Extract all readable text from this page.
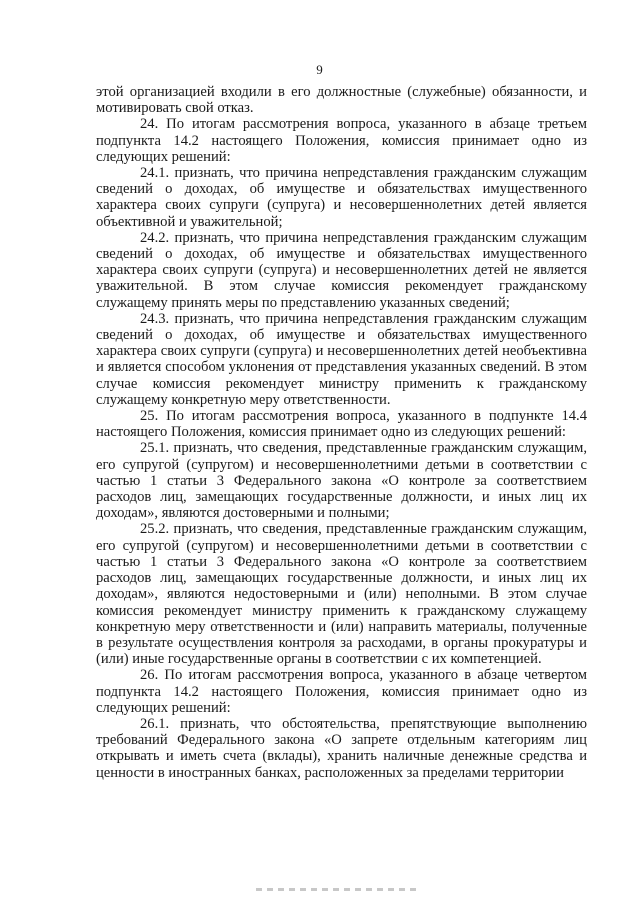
9

этой организацией входили в его должностные (служебные) обязанности, и мотивировать свой отказ.

24. По итогам рассмотрения вопроса, указанного в абзаце третьем подпункта 14.2 настоящего Положения, комиссия принимает одно из следующих решений:

24.1. признать, что причина непредставления гражданским служащим сведений о доходах, об имуществе и обязательствах имущественного характера своих супруги (супруга) и несовершеннолетних детей является объективной и уважительной;

24.2. признать, что причина непредставления гражданским служащим сведений о доходах, об имуществе и обязательствах имущественного характера своих супруги (супруга) и несовершеннолетних детей не является уважительной. В этом случае комиссия рекомендует гражданскому служащему принять меры по представлению указанных сведений;

24.3. признать, что причина непредставления гражданским служащим сведений о доходах, об имуществе и обязательствах имущественного характера своих супруги (супруга) и несовершеннолетних детей необъективна и является способом уклонения от представления указанных сведений. В этом случае комиссия рекомендует министру применить к гражданскому служащему конкретную меру ответственности.

25. По итогам рассмотрения вопроса, указанного в подпункте 14.4 настоящего Положения, комиссия принимает одно из следующих решений:

25.1. признать, что сведения, представленные гражданским служащим, его супругой (супругом) и несовершеннолетними детьми в соответствии с частью 1 статьи 3 Федерального закона «О контроле за соответствием расходов лиц, замещающих государственные должности, и иных лиц их доходам», являются достоверными и полными;

25.2. признать, что сведения, представленные гражданским служащим, его супругой (супругом) и несовершеннолетними детьми в соответствии с частью 1 статьи 3 Федерального закона «О контроле за соответствием расходов лиц, замещающих государственные должности, и иных лиц их доходам», являются недостоверными и (или) неполными. В этом случае комиссия рекомендует министру применить к гражданскому служащему конкретную меру ответственности и (или) направить материалы, полученные в результате осуществления контроля за расходами, в органы прокуратуры и (или) иные государственные органы в соответствии с их компетенцией.

26. По итогам рассмотрения вопроса, указанного в абзаце четвертом подпункта 14.2 настоящего Положения, комиссия принимает одно из следующих решений:

26.1. признать, что обстоятельства, препятствующие выполнению требований Федерального закона «О запрете отдельным категориям лиц открывать и иметь счета (вклады), хранить наличные денежные средства и ценности в иностранных банках, расположенных за пределами территории
